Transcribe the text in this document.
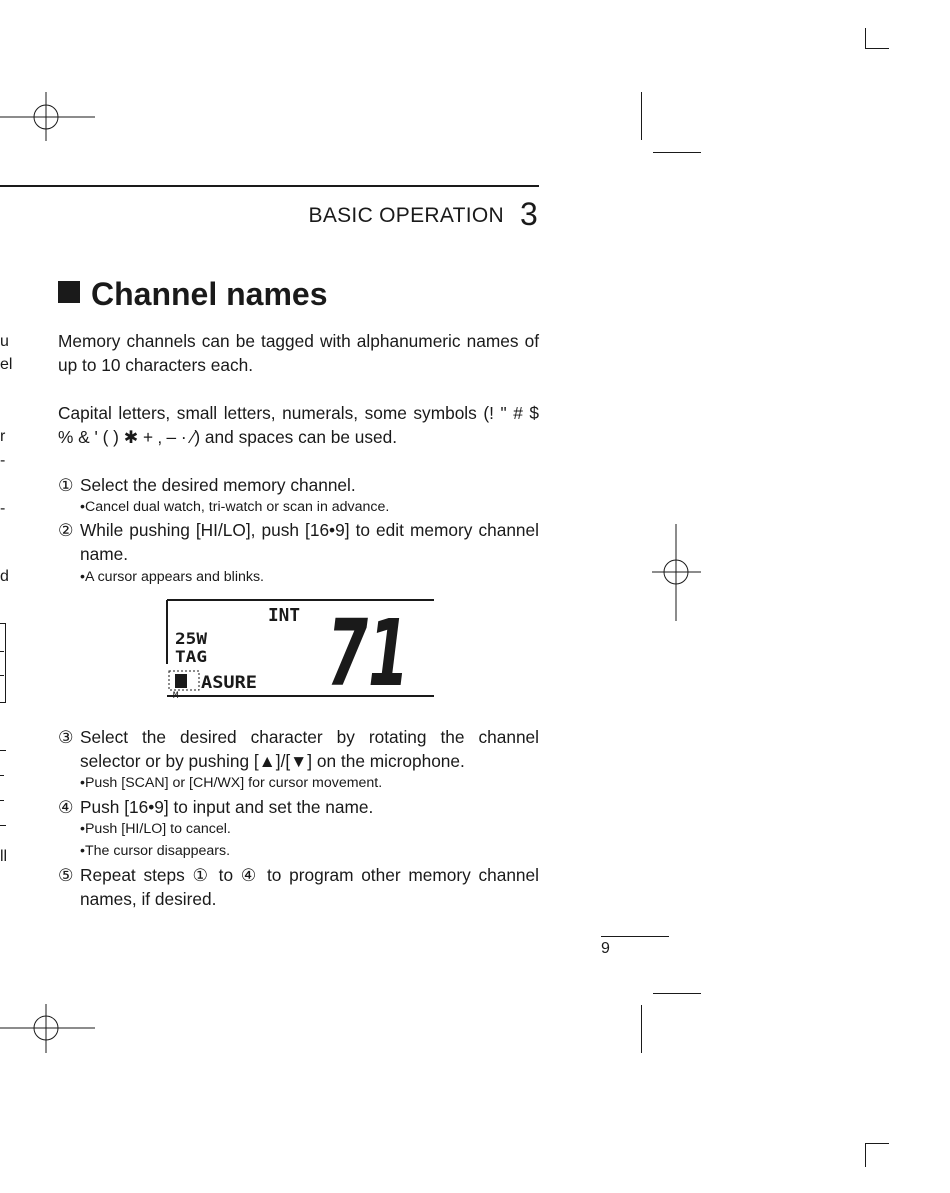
u
el
r
-
-
d
ll
BASIC OPERATION 3
Channel names
Memory channels can be tagged with alphanumeric names of up to 10 characters each.
Capital letters, small letters, numerals, some symbols (! " # $ % & ' ( ) ✱ + ‚ – · ⁄) and spaces can be used.
① Select the desired memory channel.
•Cancel dual watch, tri-watch or scan in advance.
② While pushing [HI/LO], push [16•9] to edit memory channel name.
•A cursor appears and blinks.
INT
25W
TAG
M
ASURE 71
③ Select the desired character by rotating the channel selector or by pushing [▲]/[▼] on the microphone.
•Push [SCAN] or [CH/WX] for cursor movement.
④ Push [16•9] to input and set the name.
•Push [HI/LO] to cancel.
•The cursor disappears.
⑤ Repeat steps ① to ④ to program other memory channel names, if desired.
9
